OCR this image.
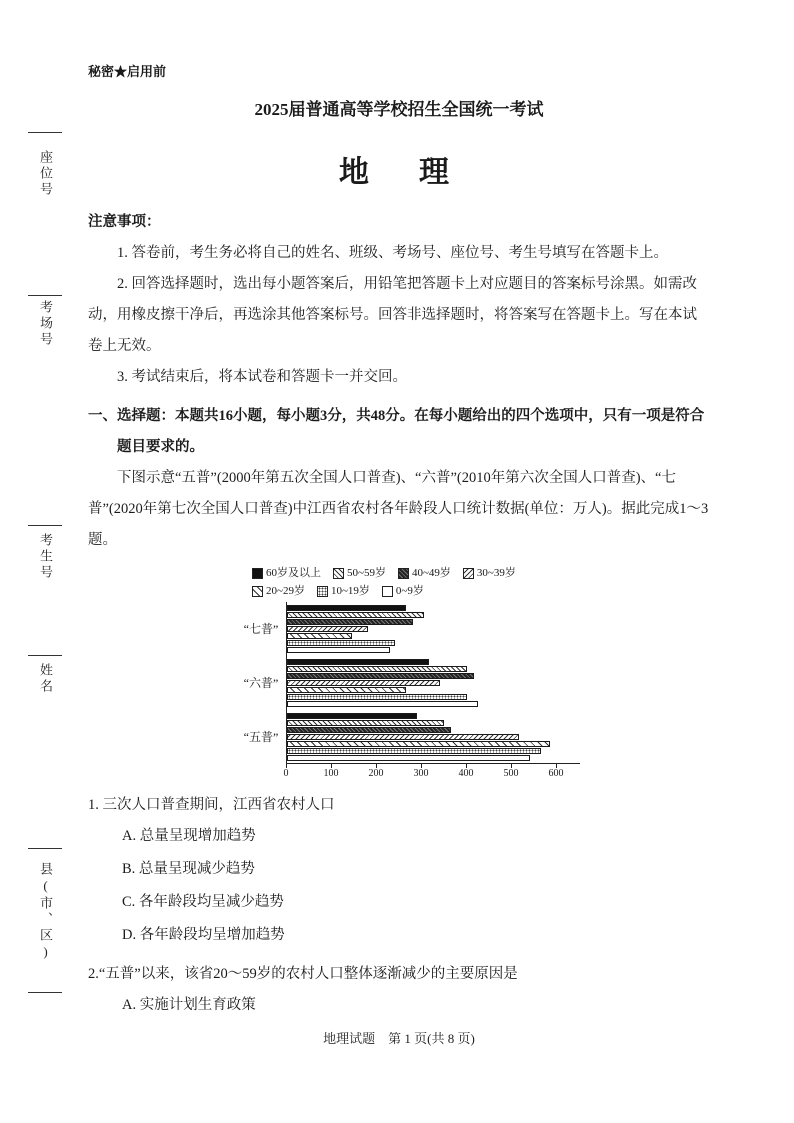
座位号
考场号
考生号
姓名
县(市、区)
秘密★启用前
2025届普通高等学校招生全国统一考试
地　理
注意事项：
1. 答卷前，考生务必将自己的姓名、班级、考场号、座位号、考生号填写在答题卡上。
2. 回答选择题时，选出每小题答案后，用铅笔把答题卡上对应题目的答案标号涂黑。如需改动，用橡皮擦干净后，再选涂其他答案标号。回答非选择题时，将答案写在答题卡上。写在本试卷上无效。
3. 考试结束后，将本试卷和答题卡一并交回。
一、选择题：本题共16小题，每小题3分，共48分。在每小题给出的四个选项中，只有一项是符合题目要求的。
下图示意“五普”(2000年第五次全国人口普查)、“六普”(2010年第六次全国人口普查)、“七普”(2020年第七次全国人口普查)中江西省农村各年龄段人口统计数据(单位：万人)。据此完成1～3题。
60岁及以上 50~59岁 40~49岁 30~39岁
20~29岁 10~19岁 0~9岁
“七普”
“六普”
“五普”
0	100	200	300	400	500	600
1. 三次人口普查期间，江西省农村人口
A. 总量呈现增加趋势
B. 总量呈现减少趋势
C. 各年龄段均呈减少趋势
D. 各年龄段均呈增加趋势
2.“五普”以来，该省20～59岁的农村人口整体逐渐减少的主要原因是
A. 实施计划生育政策
地理试题　第 1 页(共 8 页)
